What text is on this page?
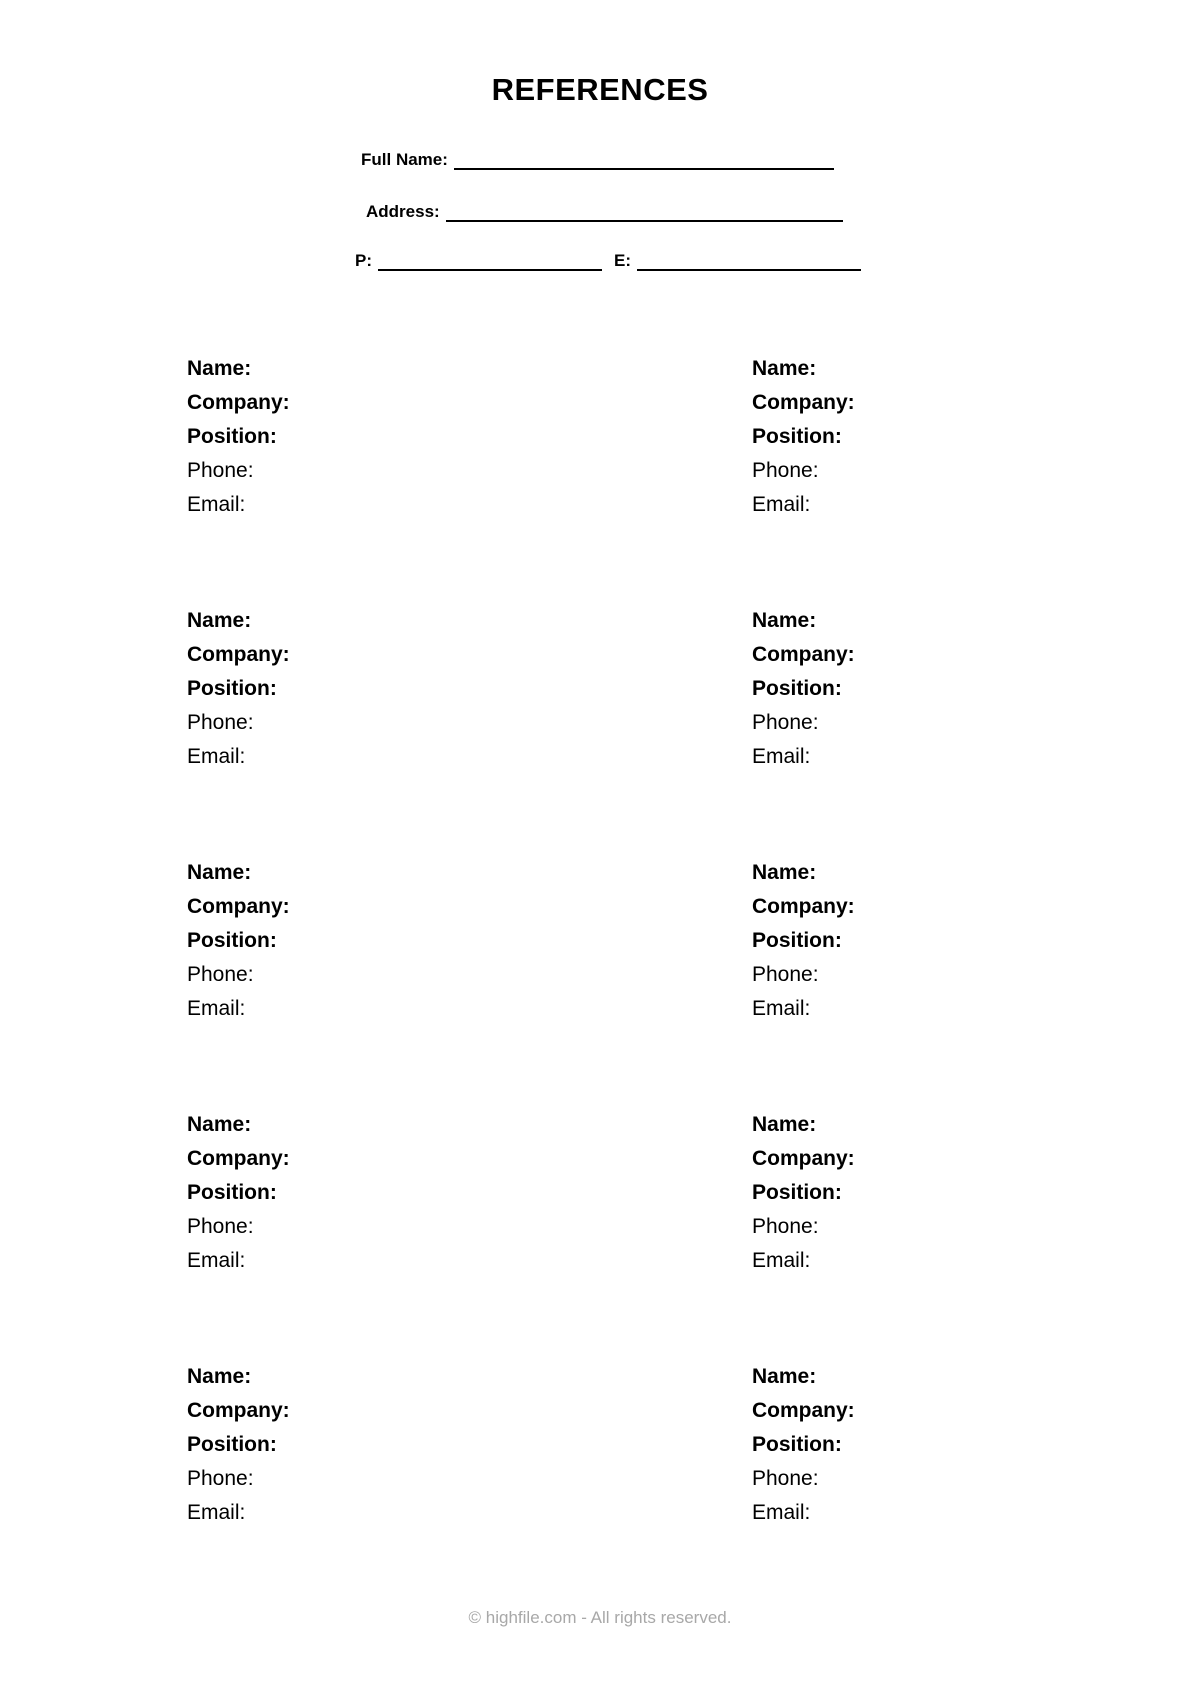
REFERENCES
Full Name:
Address:
P:	E:
Name:
Company:
Position:
Phone:
Email:
Name:
Company:
Position:
Phone:
Email:
Name:
Company:
Position:
Phone:
Email:
Name:
Company:
Position:
Phone:
Email:
Name:
Company:
Position:
Phone:
Email:
Name:
Company:
Position:
Phone:
Email:
Name:
Company:
Position:
Phone:
Email:
Name:
Company:
Position:
Phone:
Email:
Name:
Company:
Position:
Phone:
Email:
Name:
Company:
Position:
Phone:
Email:
© highfile.com - All rights reserved.
